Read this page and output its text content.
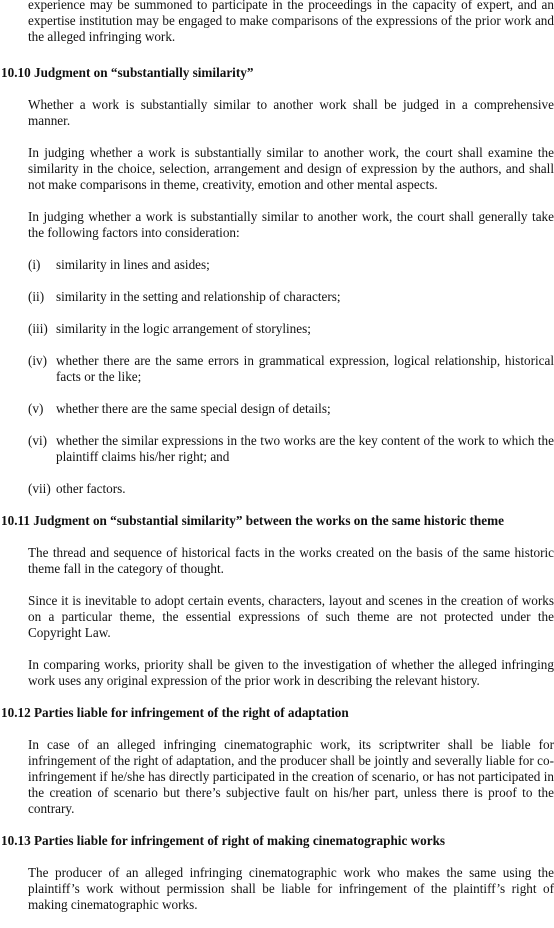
experience may be summoned to participate in the proceedings in the capacity of expert, and an expertise institution may be engaged to make comparisons of the expressions of the prior work and the alleged infringing work.
10.10 Judgment on “substantially similarity”
Whether a work is substantially similar to another work shall be judged in a comprehensive manner.
In judging whether a work is substantially similar to another work, the court shall examine the similarity in the choice, selection, arrangement and design of expression by the authors, and shall not make comparisons in theme, creativity, emotion and other mental aspects.
In judging whether a work is substantially similar to another work, the court shall generally take the following factors into consideration:
(i) similarity in lines and asides;
(ii) similarity in the setting and relationship of characters;
(iii) similarity in the logic arrangement of storylines;
(iv) whether there are the same errors in grammatical expression, logical relationship, historical facts or the like;
(v) whether there are the same special design of details;
(vi) whether the similar expressions in the two works are the key content of the work to which the plaintiff claims his/her right; and
(vii) other factors.
10.11 Judgment on “substantial similarity” between the works on the same historic theme
The thread and sequence of historical facts in the works created on the basis of the same historic theme fall in the category of thought.
Since it is inevitable to adopt certain events, characters, layout and scenes in the creation of works on a particular theme, the essential expressions of such theme are not protected under the Copyright Law.
In comparing works, priority shall be given to the investigation of whether the alleged infringing work uses any original expression of the prior work in describing the relevant history.
10.12 Parties liable for infringement of the right of adaptation
In case of an alleged infringing cinematographic work, its scriptwriter shall be liable for infringement of the right of adaptation, and the producer shall be jointly and severally liable for co-infringement if he/she has directly participated in the creation of scenario, or has not participated in the creation of scenario but there’s subjective fault on his/her part, unless there is proof to the contrary.
10.13 Parties liable for infringement of right of making cinematographic works
The producer of an alleged infringing cinematographic work who makes the same using the plaintiff’s work without permission shall be liable for infringement of the plaintiff’s right of making cinematographic works.
